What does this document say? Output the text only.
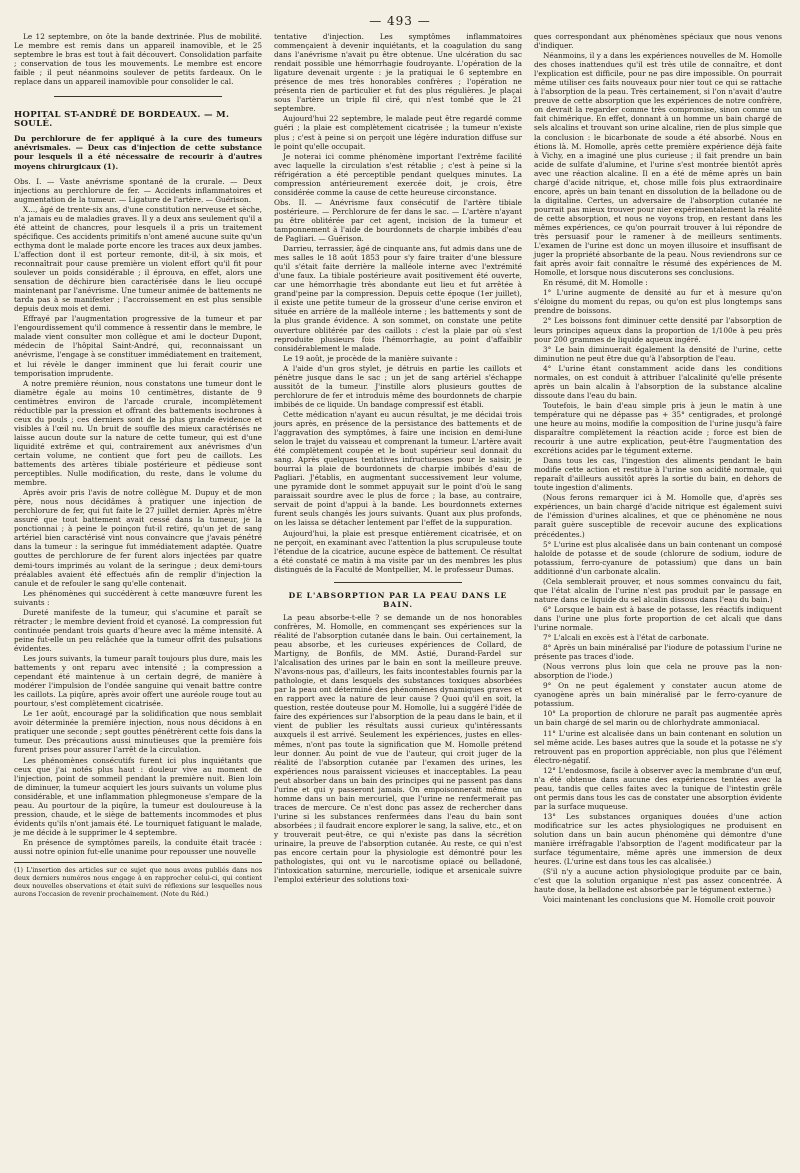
— 493 —

Le 12 septembre, on ôte la bande dextrinée. Plus de mobilité. Le membre est remis dans un appareil inamovible, et le 25 septembre le bras est tout à fait découvert. Consolidation parfaite ; conservation de tous les mouvements. Le membre est encore faible ; il peut néanmoins soulever de petits fardeaux. On le replace dans un appareil inamovible pour consolider le cal.

HOPITAL ST-ANDRÉ DE BORDEAUX. — M. SOULÉ.
Du perchlorure de fer appliqué à la cure des tumeurs anévrismales. — Deux cas d'injection de cette substance pour lesquels il a été nécessaire de recourir à d'autres moyens chirurgicaux (1).

Obs. I. — Vaste anévrisme spontané de la crurale. — Deux injections au perchlorure de fer. — Accidents inflammatoires et augmentation de la tumeur. — Ligature de l'artère. — Guérison.

X..., âgé de trente-six ans, d'une constitution nerveuse et sèche, n'a jamais eu de maladies graves. Il y a deux ans seulement qu'il a été atteint de chancres, pour lesquels il a pris un traitement spécifique. Ces accidents primitifs n'ont amené aucune suite qu'un ecthyma dont le malade porte encore les traces aux deux jambes. L'affection dont il est porteur remonte, dit-il, à six mois, et reconnaîtrait pour cause première un violent effort qu'il fit pour soulever un poids considérable ; il éprouva, en effet, alors une sensation de déchirure bien caractérisée dans le lieu occupé maintenant par l'anévrisme. Une tumeur animée de battements ne tarda pas à se manifester ; l'accroissement en est plus sensible depuis deux mois et demi.

Effrayé par l'augmentation progressive de la tumeur et par l'engourdissement qu'il commence à ressentir dans le membre, le malade vient consulter mon collègue et ami le docteur Dupont, médecin de l'hôpital Saint-André, qui, reconnaissant un anévrisme, l'engage à se constituer immédiatement en traitement, et lui révèle le danger imminent que lui ferait courir une temporisation imprudente.

A notre première réunion, nous constatons une tumeur dont le diamètre égale au moins 10 centimètres, distante de 9 centimètres environ de l'arcade crurale, incomplètement réductible par la pression et offrant des battements isochrones à ceux du pouls ; ces derniers sont de la plus grande évidence et visibles à l'œil nu. Un bruit de souffle des mieux caractérisés ne laisse aucun doute sur la nature de cette tumeur, qui est d'une liquidité extrême et qui, contrairement aux anévrismes d'un certain volume, ne contient que fort peu de caillots. Les battements des artères tibiale postérieure et pédieuse sont perceptibles. Nulle modification, du reste, dans le volume du membre.

Après avoir pris l'avis de notre collègue M. Dupuy et de mon père, nous nous décidâmes à pratiquer une injection de perchlorure de fer, qui fut faite le 27 juillet dernier. Après m'être assuré que tout battement avait cessé dans la tumeur, je la ponctionnai ; à peine le poinçon fut-il retiré, qu'un jet de sang artériel bien caractérisé vint nous convaincre que j'avais pénétré dans la tumeur : la seringue fut immédiatement adaptée. Quatre gouttes de perchlorure de fer furent alors injectées par quatre demi-tours imprimés au volant de la seringue ; deux demi-tours préalables avaient été effectués afin de remplir d'injection la canule et de refouler le sang qu'elle contenait.

Les phénomènes qui succédèrent à cette manœuvre furent les suivants :

Dureté manifeste de la tumeur, qui s'acumine et paraît se rétracter ; le membre devient froid et cyanosé. La compression fut continuée pendant trois quarts d'heure avec la même intensité. A peine fut-elle un peu relâchée que la tumeur offrit des pulsations évidentes.

Les jours suivants, la tumeur paraît toujours plus dure, mais les battements y ont reparu avec intensité ; la compression a cependant été maintenue à un certain degré, de manière à modérer l'impulsion de l'ondée sanguine qui venait battre contre les caillots. La piqûre, après avoir offert une auréole rouge tout au pourtour, s'est complètement cicatrisée.

Le 1er août, encouragé par la solidification que nous semblait avoir déterminée la première injection, nous nous décidons à en pratiquer une seconde ; sept gouttes pénétrèrent cette fois dans la tumeur. Des précautions aussi minutieuses que la première fois furent prises pour assurer l'arrêt de la circulation.

Les phénomènes consécutifs furent ici plus inquiétants que ceux que j'ai notés plus haut : douleur vive au moment de l'injection, point de sommeil pendant la première nuit. Bien loin de diminuer, la tumeur acquiert les jours suivants un volume plus considérable, et une inflammation phlegmoneuse s'empare de la peau. Au pourtour de la piqûre, la tumeur est douloureuse à la pression, chaude, et le siège de battements incommodes et plus évidents qu'ils n'ont jamais été. Le tourniquet fatiguant le malade, je me décide à le supprimer le 4 septembre.

En présence de symptômes pareils, la conduite était tracée : aussi notre opinion fut-elle unanime pour repousser une nouvelle

(1) L'insertion des articles sur ce sujet que nous avons publiés dans nos deux derniers numéros nous engage à en rapprocher celui-ci, qui contient deux nouvelles observations et était suivi de réflexions sur lesquelles nous aurons l'occasion de revenir prochainement. (Note du Réd.)

tentative d'injection. Les symptômes inflammatoires commençaient à devenir inquiétants, et la coagulation du sang dans l'anévrisme n'avait pu être obtenue. Une ulcération du sac rendait possible une hémorrhagie foudroyante. L'opération de la ligature devenait urgente : je la pratiquai le 6 septembre en présence de mes très honorables confrères ; l'opération ne présenta rien de particulier et fut des plus régulières. Je plaçai sous l'artère un triple fil ciré, qui n'est tombé que le 21 septembre.

Aujourd'hui 22 septembre, le malade peut être regardé comme guéri ; la plaie est complètement cicatrisée ; la tumeur n'existe plus ; c'est à peine si on perçoit une légère induration diffuse sur le point qu'elle occupait.

Je noterai ici comme phénomène important l'extrême facilité avec laquelle la circulation s'est rétablie ; c'est à peine si la réfrigération a été perceptible pendant quelques minutes. La compression antérieurement exercée doit, je crois, être considérée comme la cause de cette heureuse circonstance.

Obs. II. — Anévrisme faux consécutif de l'artère tibiale postérieure. — Perchlorure de fer dans le sac. — L'artère n'ayant pu être oblitérée par cet agent, incision de la tumeur et tamponnement à l'aide de bourdonnets de charpie imbibés d'eau de Pagliari. — Guérison.

Darrieu, terrassier, âgé de cinquante ans, fut admis dans une de mes salles le 18 août 1853 pour s'y faire traiter d'une blessure qu'il s'était faite derrière la malléole interne avec l'extrémité d'une faux. La tibiale postérieure avait positivement été ouverte, car une hémorrhagie très abondante eut lieu et fut arrêtée à grand'peine par la compression. Depuis cette époque (1er juillet), il existe une petite tumeur de la grosseur d'une cerise environ et située en arrière de la malléole interne ; les battements y sont de la plus grande évidence. A son sommet, on constate une petite ouverture oblitérée par des caillots : c'est la plaie par où s'est reproduite plusieurs fois l'hémorrhagie, au point d'affaiblir considérablement le malade.

Le 19 août, je procède de la manière suivante :

A l'aide d'un gros stylet, je détruis en partie les caillots et pénètre jusque dans le sac ; un jet de sang artériel s'échappe aussitôt de la tumeur. J'instille alors plusieurs gouttes de perchlorure de fer et introduis même des bourdonnets de charpie imbibés de ce liquide. Un bandage compressif est établi.

Cette médication n'ayant eu aucun résultat, je me décidai trois jours après, en présence de la persistance des battements et de l'aggravation des symptômes, à faire une incision en demi-lune selon le trajet du vaisseau et comprenant la tumeur. L'artère avait été complètement coupée et le bout supérieur seul donnait du sang. Après quelques tentatives infructueuses pour le saisir, je bourrai la plaie de bourdonnets de charpie imbibés d'eau de Pagliari. J'établis, en augmentant successivement leur volume, une pyramide dont le sommet appuyait sur le point d'où le sang paraissait sourdre avec le plus de force ; la base, au contraire, servait de point d'appui à la bande. Les bourdonnets externes furent seuls changés les jours suivants. Quant aux plus profonds, on les laissa se détacher lentement par l'effet de la suppuration.

Aujourd'hui, la plaie est presque entièrement cicatrisée, et on ne perçoit, en examinant avec l'attention la plus scrupuleuse toute l'étendue de la cicatrice, aucune espèce de battement. Ce résultat a été constaté ce matin à ma visite par un des membres les plus distingués de la Faculté de Montpellier, M. le professeur Dumas.

DE L'ABSORPTION PAR LA PEAU DANS LE BAIN.

La peau absorbe-t-elle ? se demande un de nos honorables confrères, M. Homolle, en commençant ses expériences sur la réalité de l'absorption cutanée dans le bain. Oui certainement, la peau absorbe, et les curieuses expériences de Collard, de Martigny, de Bonfils, de MM. Astié, Durand-Fardel sur l'alcalisation des urines par le bain en sont la meilleure preuve. N'avons-nous pas, d'ailleurs, les faits incontestables fournis par la pathologie, et dans lesquels des substances toxiques absorbées par la peau ont déterminé des phénomènes dynamiques graves et en rapport avec la nature de leur cause ? Quoi qu'il en soit, la question, restée douteuse pour M. Homolle, lui a suggéré l'idée de faire des expériences sur l'absorption de la peau dans le bain, et il vient de publier les résultats aussi curieux qu'intéressants auxquels il est arrivé. Seulement les expériences, justes en elles-mêmes, n'ont pas toute la signification que M. Homolle prétend leur donner. Au point de vue de l'auteur, qui croit juger de la réalité de l'absorption cutanée par l'examen des urines, les expériences nous paraissent vicieuses et inacceptables. La peau peut absorber dans un bain des principes qui ne passent pas dans l'urine et qui y passeront jamais. On empoisonnerait même un homme dans un bain mercuriel, que l'urine ne renfermerait pas traces de mercure. Ce n'est donc pas assez de rechercher dans l'urine si les substances renfermées dans l'eau du bain sont absorbées ; il faudrait encore explorer le sang, la salive, etc., et on y trouverait peut-être, ce qui n'existe pas dans la sécrétion urinaire, la preuve de l'absorption cutanée. Au reste, ce qui n'est pas encore certain pour la physiologie est démontré pour les pathologistes, qui ont vu le narcotisme opiacé ou belladoné, l'intoxication saturnine, mercurielle, iodique et arsenicale suivre l'emploi extérieur des solutions toxi-

ques correspondant aux phénomènes spéciaux que nous venons d'indiquer.

Néanmoins, il y a dans les expériences nouvelles de M. Homolle des choses inattendues qu'il est très utile de connaître, et dont l'explication est difficile, pour ne pas dire impossible. On pourrait même utiliser ces faits nouveaux pour nier tout ce qui se rattache à l'absorption de la peau. Très certainement, si l'on n'avait d'autre preuve de cette absorption que les expériences de notre confrère, on devrait la regarder comme très compromise, sinon comme un fait chimérique. En effet, donnant à un homme un bain chargé de sels alcalins et trouvant son urine alcaline, rien de plus simple que la conclusion : le bicarbonate de soude a été absorbé. Nous en étions là. M. Homolle, après cette première expérience déjà faite à Vichy, en a imaginé une plus curieuse ; il fait prendre un bain acide de sulfate d'alumine, et l'urine s'est montrée bientôt après avec une réaction alcaline. Il en a été de même après un bain chargé d'acide nitrique, et, chose mille fois plus extraordinaire encore, après un bain tenant en dissolution de la belladone ou de la digitaline. Certes, un adversaire de l'absorption cutanée ne pourrait pas mieux trouver pour nier expérimentalement la réalité de cette absorption, et nous ne voyons trop, en restant dans les mêmes expériences, ce qu'on pourrait trouver à lui répondre de très persuasif pour le ramener à de meilleurs sentiments. L'examen de l'urine est donc un moyen illusoire et insuffisant de juger la propriété absorbante de la peau. Nous reviendrons sur ce fait après avoir fait connaître le résumé des expériences de M. Homolle, et lorsque nous discuterons ses conclusions.

En résumé, dit M. Homolle :

1° L'urine augmente de densité au fur et à mesure qu'on s'éloigne du moment du repas, ou qu'on est plus longtemps sans prendre de boissons.

2° Les boissons font diminuer cette densité par l'absorption de leurs principes aqueux dans la proportion de 1/100e à peu près pour 200 grammes de liquide aqueux ingéré.

3° Le bain diminuerait également la densité de l'urine, cette diminution ne peut être due qu'à l'absorption de l'eau.

4° L'urine étant constamment acide dans les conditions normales, on est conduit à attribuer l'alcalinité qu'elle présente après un bain alcalin à l'absorption de la substance alcaline dissoute dans l'eau du bain.

Toutefois, le bain d'eau simple pris à jeun le matin à une température qui ne dépasse pas + 35° centigrades, et prolongé une heure au moins, modifie la composition de l'urine jusqu'à faire disparaître complètement la réaction acide ; force est bien de recourir à une autre explication, peut-être l'augmentation des excrétions acides par le tégument externe.

Dans tous les cas, l'ingestion des aliments pendant le bain modifie cette action et restitue à l'urine son acidité normale, qui reparaît d'ailleurs aussitôt après la sortie du bain, en dehors de toute ingestion d'aliments.

(Nous ferons remarquer ici à M. Homolle que, d'après ses expériences, un bain chargé d'acide nitrique est également suivi de l'émission d'urines alcalines, et que ce phénomène ne nous paraît guère susceptible de recevoir aucune des explications précédentes.)

5° L'urine est plus alcalisée dans un bain contenant un composé haloïde de potasse et de soude (chlorure de sodium, iodure de potassium, ferro-cyanure de potassium) que dans un bain additionné d'un carbonate alcalin.

(Cela semblerait prouver, et nous sommes convaincu du fait, que l'état alcalin de l'urine n'est pas produit par le passage en nature dans ce liquide du sel alcalin dissous dans l'eau du bain.)

6° Lorsque le bain est à base de potasse, les réactifs indiquent dans l'urine une plus forte proportion de cet alcali que dans l'urine normale.

7° L'alcali en excès est à l'état de carbonate.

8° Après un bain minéralisé par l'iodure de potassium l'urine ne présente pas traces d'iode.

(Nous verrons plus loin que cela ne prouve pas la non-absorption de l'iode.)

9° On ne peut également y constater aucun atome de cyanogène après un bain minéralisé par le ferro-cyanure de potassium.

10° La proportion de chlorure ne paraît pas augmentée après un bain chargé de sel marin ou de chlorhydrate ammoniacal.

11° L'urine est alcalisée dans un bain contenant en solution un sel même acide. Les bases autres que la soude et la potasse ne s'y retrouvent pas en proportion appréciable, non plus que l'élément électro-négatif.

12° L'endosmose, facile à observer avec la membrane d'un œuf, n'a été obtenue dans aucune des expériences tentées avec la peau, tandis que celles faites avec la tunique de l'intestin grêle ont permis dans tous les cas de constater une absorption évidente par la surface muqueuse.

13° Les substances organiques douées d'une action modificatrice sur les actes physiologiques ne produisent en solution dans un bain aucun phénomène qui démontre d'une manière irréfragable l'absorption de l'agent modificateur par la surface tégumentaire, même après une immersion de deux heures. (L'urine est dans tous les cas alcalisée.)

(S'il n'y a aucune action physiologique produite par ce bain, c'est que la solution organique n'est pas assez concentrée. A haute dose, la belladone est absorbée par le tégument externe.)

Voici maintenant les conclusions que M. Homolle croit pouvoir
